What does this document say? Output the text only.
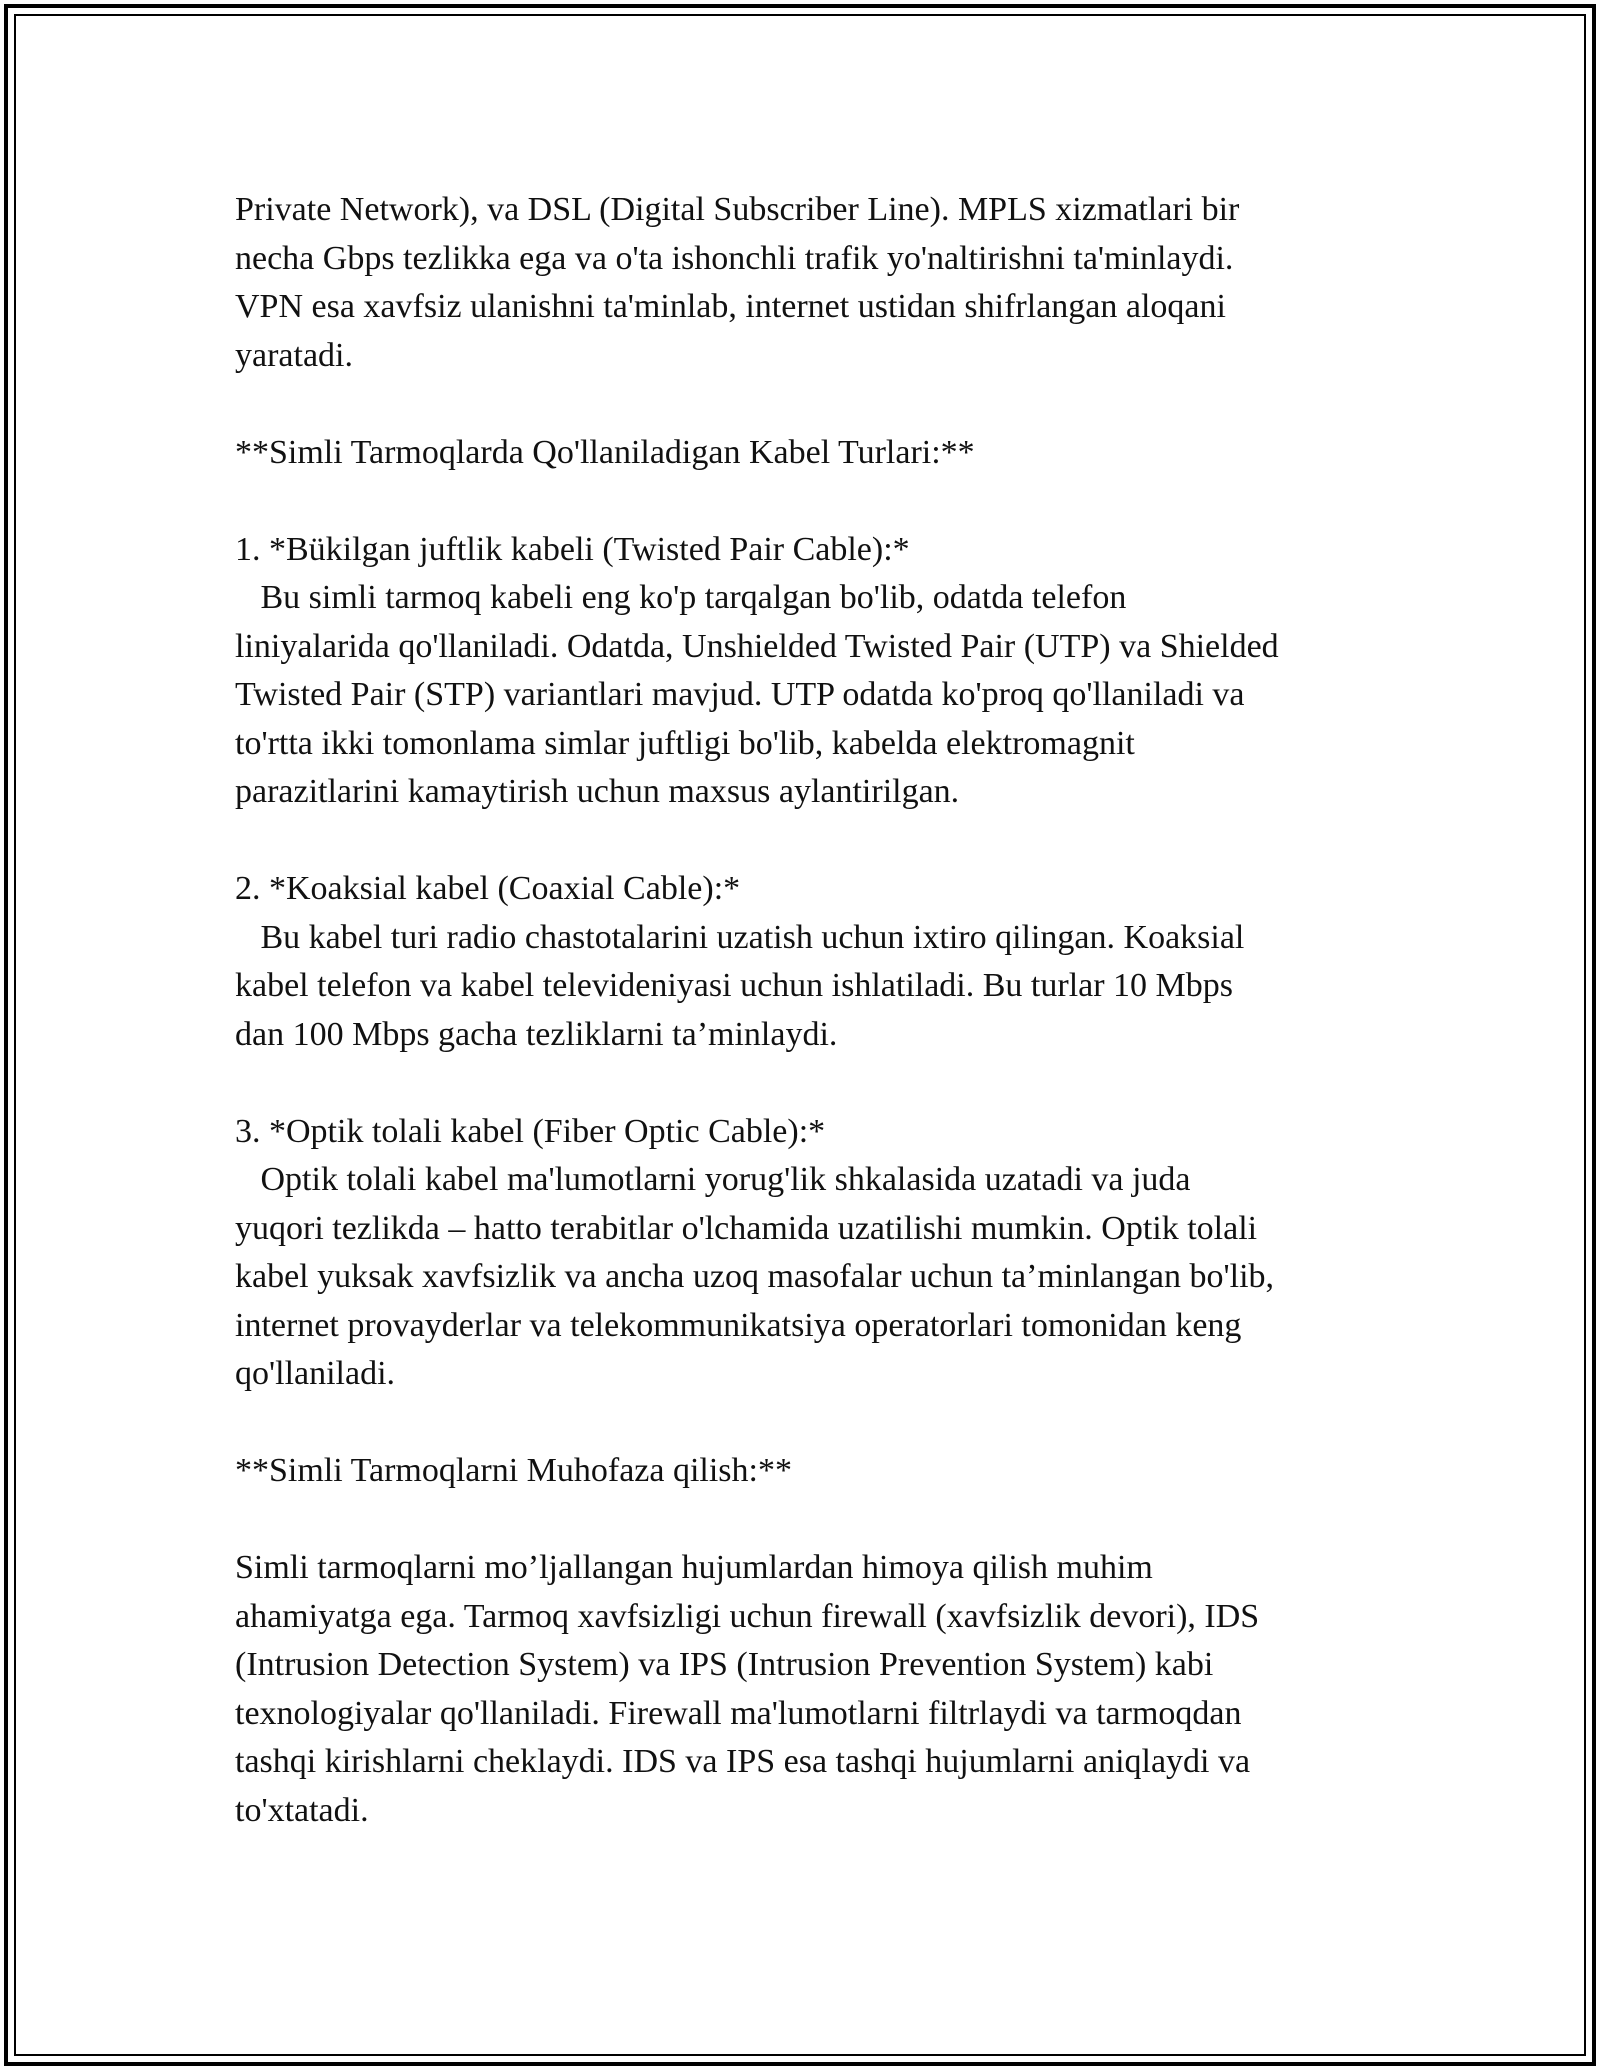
Private Network), va DSL (Digital Subscriber Line). MPLS xizmatlari bir
necha Gbps tezlikka ega va o'ta ishonchli trafik yo'naltirishni ta'minlaydi.
VPN esa xavfsiz ulanishni ta'minlab, internet ustidan shifrlangan aloqani
yaratadi.

**Simli Tarmoqlarda Qo'llaniladigan Kabel Turlari:**

1. *Bükilgan juftlik kabeli (Twisted Pair Cable):*

Bu simli tarmoq kabeli eng ko'p tarqalgan bo'lib, odatda telefon
liniyalarida qo'llaniladi. Odatda, Unshielded Twisted Pair (UTP) va Shielded
Twisted Pair (STP) variantlari mavjud. UTP odatda ko'proq qo'llaniladi va
to'rtta ikki tomonlama simlar juftligi bo'lib, kabelda elektromagnit
parazitlarini kamaytirish uchun maxsus aylantirilgan.

2. *Koaksial kabel (Coaxial Cable):*

Bu kabel turi radio chastotalarini uzatish uchun ixtiro qilingan. Koaksial
kabel telefon va kabel televideniyasi uchun ishlatiladi. Bu turlar 10 Mbps
dan 100 Mbps gacha tezliklarni ta’minlaydi.

3. *Optik tolali kabel (Fiber Optic Cable):*

Optik tolali kabel ma'lumotlarni yorug'lik shkalasida uzatadi va juda
yuqori tezlikda – hatto terabitlar o'lchamida uzatilishi mumkin. Optik tolali
kabel yuksak xavfsizlik va ancha uzoq masofalar uchun ta’minlangan bo'lib,
internet provayderlar va telekommunikatsiya operatorlari tomonidan keng
qo'llaniladi.

**Simli Tarmoqlarni Muhofaza qilish:**

Simli tarmoqlarni mo’ljallangan hujumlardan himoya qilish muhim
ahamiyatga ega. Tarmoq xavfsizligi uchun firewall (xavfsizlik devori), IDS
(Intrusion Detection System) va IPS (Intrusion Prevention System) kabi
texnologiyalar qo'llaniladi. Firewall ma'lumotlarni filtrlaydi va tarmoqdan
tashqi kirishlarni cheklaydi. IDS va IPS esa tashqi hujumlarni aniqlaydi va
to'xtatadi.
